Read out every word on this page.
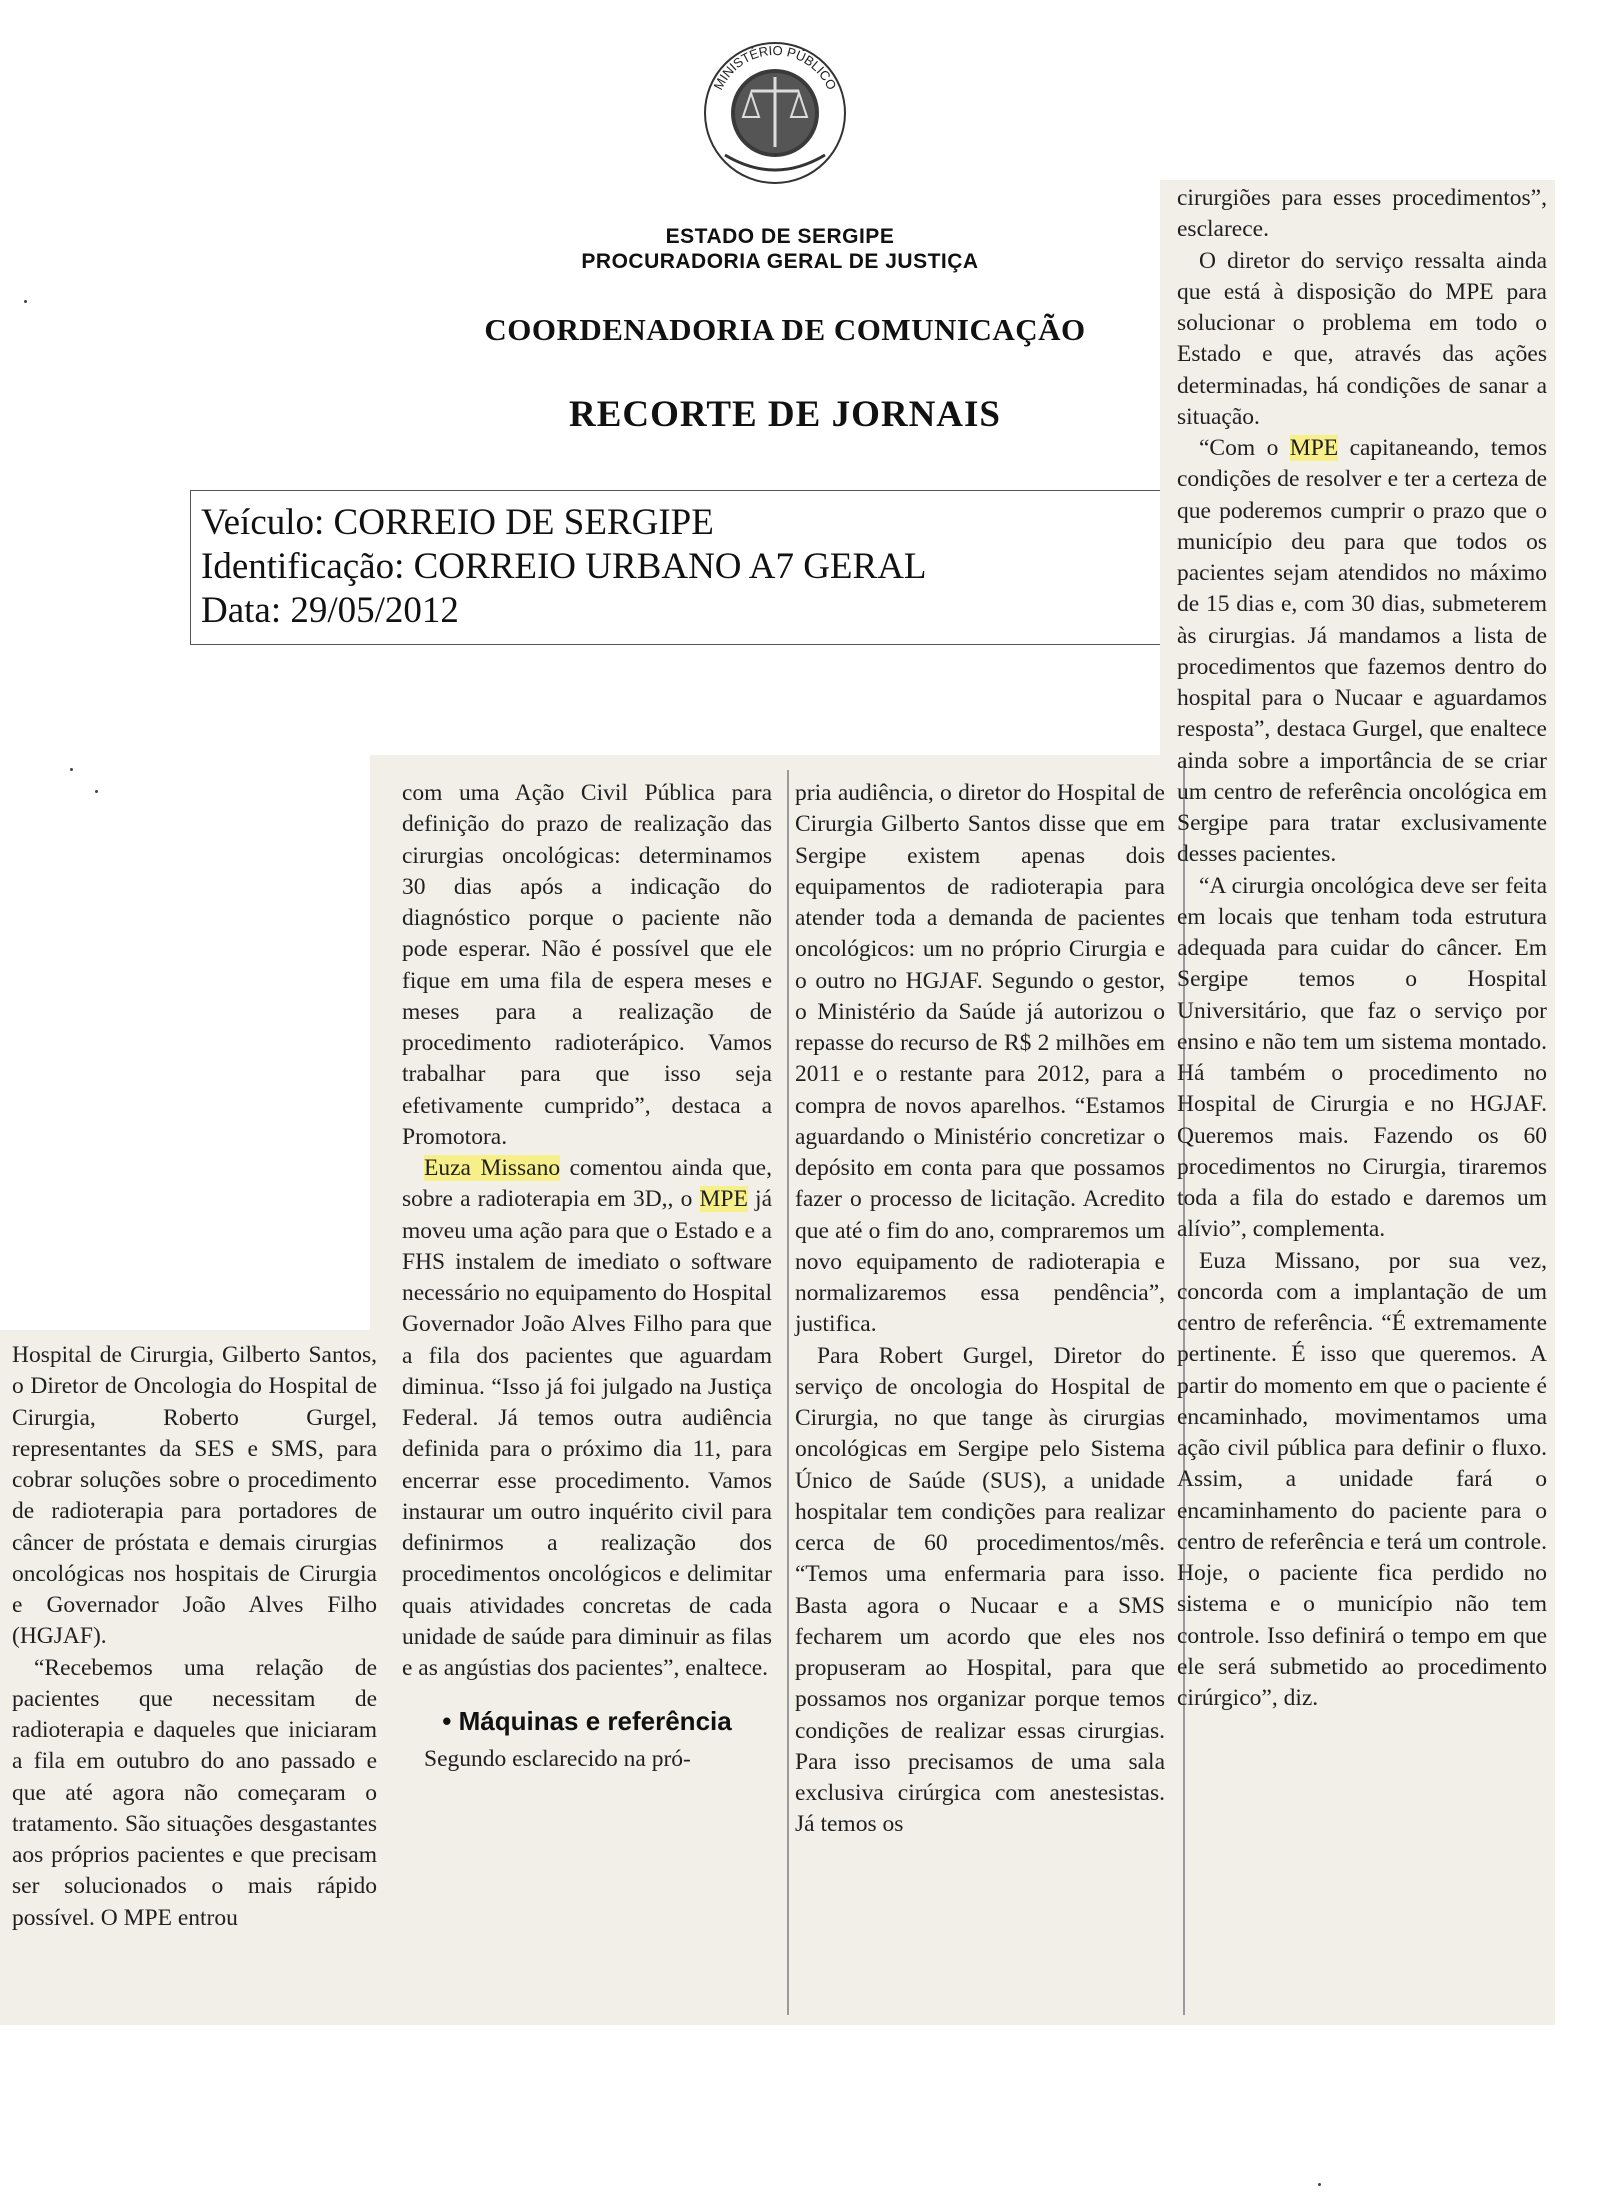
MINISTÉRIO PÚBLICO
ESTADO DE SERGIPE
PROCURADORIA GERAL DE JUSTIÇA
COORDENADORIA DE COMUNICAÇÃO
RECORTE DE JORNAIS
Veículo: CORREIO DE SERGIPE
Identificação: CORREIO URBANO A7 GERAL
Data: 29/05/2012

Hospital de Cirurgia, Gilberto Santos, o Diretor de Oncologia do Hospital de Cirurgia, Roberto Gurgel, representantes da SES e SMS, para cobrar soluções sobre o procedimento de radioterapia para portadores de câncer de próstata e demais cirurgias oncológicas nos hospitais de Cirurgia e Governador João Alves Filho (HGJAF).

“Recebemos uma relação de pacientes que necessitam de radioterapia e daqueles que iniciaram a fila em outubro do ano passado e que até agora não começaram o tratamento. São situações desgastantes aos próprios pacientes e que precisam ser solucionados o mais rápido possível. O MPE entrou

com uma Ação Civil Pública para definição do prazo de realização das cirurgias oncológicas: determinamos 30 dias após a indicação do diagnóstico porque o paciente não pode esperar. Não é possível que ele fique em uma fila de espera meses e meses para a realização de procedimento radioterápico. Vamos trabalhar para que isso seja efetivamente cumprido”, destaca a Promotora.

Euza Missano comentou ainda que, sobre a radioterapia em 3D,, o MPE já moveu uma ação para que o Estado e a FHS instalem de imediato o software necessário no equipamento do Hospital Governador João Alves Filho para que a fila dos pacientes que aguardam diminua. “Isso já foi julgado na Justiça Federal. Já temos outra audiência definida para o próximo dia 11, para encerrar esse procedimento. Vamos instaurar um outro inquérito civil para definirmos a realização dos procedimentos oncológicos e delimitar quais atividades concretas de cada unidade de saúde para diminuir as filas e as angústias dos pacientes”, enaltece.

• Máquinas e referência

Segundo esclarecido na pró-

pria audiência, o diretor do Hospital de Cirurgia Gilberto Santos disse que em Sergipe existem apenas dois equipamentos de radioterapia para atender toda a demanda de pacientes oncológicos: um no próprio Cirurgia e o outro no HGJAF. Segundo o gestor, o Ministério da Saúde já autorizou o repasse do recurso de R$ 2 milhões em 2011 e o restante para 2012, para a compra de novos aparelhos. “Estamos aguardando o Ministério concretizar o depósito em conta para que possamos fazer o processo de licitação. Acredito que até o fim do ano, compraremos um novo equipamento de radioterapia e normalizaremos essa pendência”, justifica.

Para Robert Gurgel, Diretor do serviço de oncologia do Hospital de Cirurgia, no que tange às cirurgias oncológicas em Sergipe pelo Sistema Único de Saúde (SUS), a unidade hospitalar tem condições para realizar cerca de 60 procedimentos/mês. “Temos uma enfermaria para isso. Basta agora o Nucaar e a SMS fecharem um acordo que eles nos propuseram ao Hospital, para que possamos nos organizar porque temos condições de realizar essas cirurgias. Para isso precisamos de uma sala exclusiva cirúrgica com anestesistas. Já temos os

cirurgiões para esses procedimentos”, esclarece.

O diretor do serviço ressalta ainda que está à disposição do MPE para solucionar o problema em todo o Estado e que, através das ações determinadas, há condições de sanar a situação.

“Com o MPE capitaneando, temos condições de resolver e ter a certeza de que poderemos cumprir o prazo que o município deu para que todos os pacientes sejam atendidos no máximo de 15 dias e, com 30 dias, submeterem às cirurgias. Já mandamos a lista de procedimentos que fazemos dentro do hospital para o Nucaar e aguardamos resposta”, destaca Gurgel, que enaltece ainda sobre a importância de se criar um centro de referência oncológica em Sergipe para tratar exclusivamente desses pacientes.

“A cirurgia oncológica deve ser feita em locais que tenham toda estrutura adequada para cuidar do câncer. Em Sergipe temos o Hospital Universitário, que faz o serviço por ensino e não tem um sistema montado. Há também o procedimento no Hospital de Cirurgia e no HGJAF. Queremos mais. Fazendo os 60 procedimentos no Cirurgia, tiraremos toda a fila do estado e daremos um alívio”, complementa.

Euza Missano, por sua vez, concorda com a implantação de um centro de referência. “É extremamente pertinente. É isso que queremos. A partir do momento em que o paciente é encaminhado, movimentamos uma ação civil pública para definir o fluxo. Assim, a unidade fará o encaminhamento do paciente para o centro de referência e terá um controle. Hoje, o paciente fica perdido no sistema e o município não tem controle. Isso definirá o tempo em que ele será submetido ao procedimento cirúrgico”, diz.
